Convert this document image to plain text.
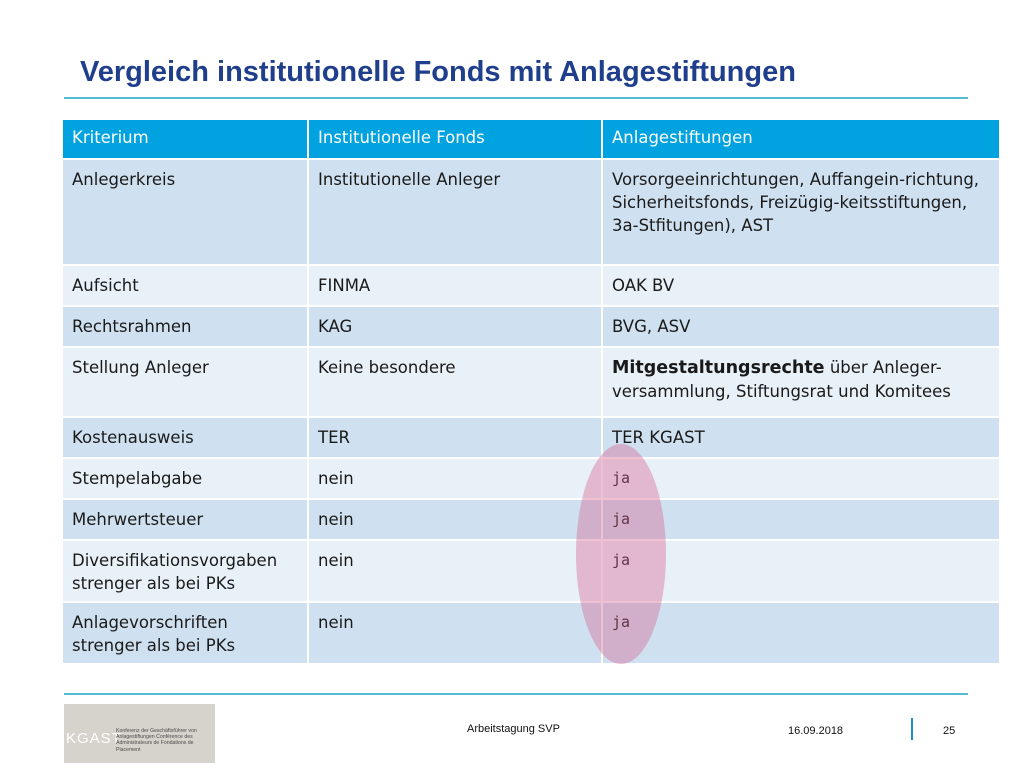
Vergleich institutionelle Fonds mit Anlagestiftungen
Kriterium	Institutionelle Fonds	Anlagestiftungen
Anlegerkreis	Institutionelle Anleger	Vorsorgeeinrichtungen, Auffangein-richtung, Sicherheitsfonds, Freizügig-keitsstiftungen, 3a-Stfitungen), AST
Aufsicht	FINMA	OAK BV
Rechtsrahmen	KAG	BVG, ASV
Stellung Anleger	Keine besondere	Mitgestaltungsrechte über Anleger-versammlung, Stiftungsrat und Komitees
Kostenausweis	TER	TER KGAST
Stempelabgabe	nein	ja
Mehrwertsteuer	nein	ja
Diversifikationsvorgaben strenger als bei PKs	nein	ja
Anlagevorschriften strenger als bei PKs	nein	ja
KGAST
Konferenz der Geschäftsführer von Anlagestiftungen Conférence des Administrateurs de Fondations de Placement
Arbeitstagung SVP	16.09.2018	25
